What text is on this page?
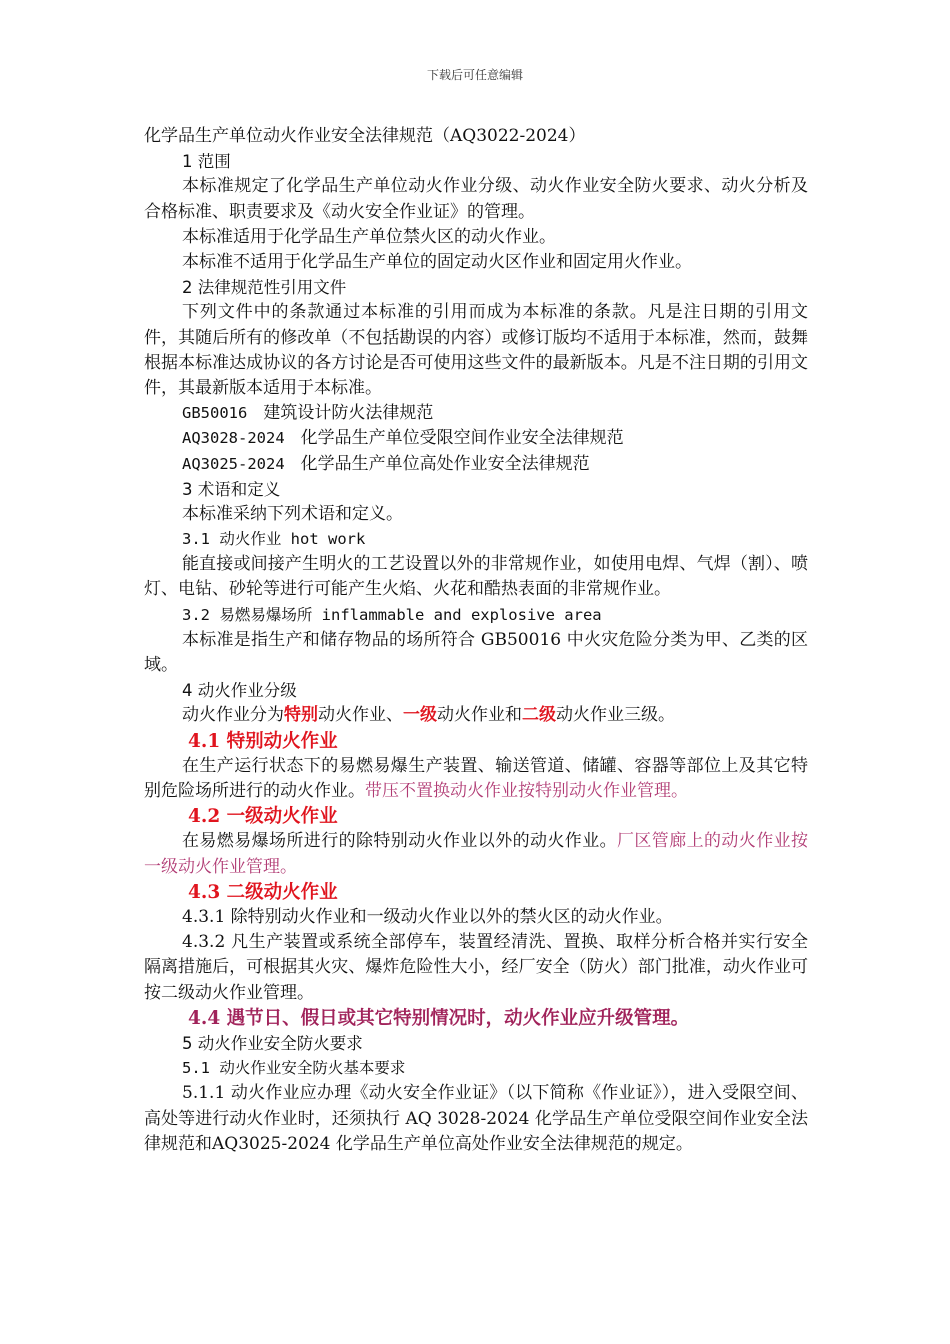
下载后可任意编辑
化学品生产单位动火作业安全法律规范（AQ3022-2024）
1 范围
本标准规定了化学品生产单位动火作业分级、动火作业安全防火要求、动火分析及合格标准、职责要求及《动火安全作业证》的管理。
本标准适用于化学品生产单位禁火区的动火作业。
本标准不适用于化学品生产单位的固定动火区作业和固定用火作业。
2 法律规范性引用文件
下列文件中的条款通过本标准的引用而成为本标准的条款。凡是注日期的引用文件，其随后所有的修改单（不包括勘误的内容）或修订版均不适用于本标准，然而，鼓舞根据本标准达成协议的各方讨论是否可使用这些文件的最新版本。凡是不注日期的引用文件，其最新版本适用于本标准。
GB50016 建筑设计防火法律规范
AQ3028-2024 化学品生产单位受限空间作业安全法律规范
AQ3025-2024 化学品生产单位高处作业安全法律规范
3 术语和定义
本标准采纳下列术语和定义。
3.1 动火作业 hot work
能直接或间接产生明火的工艺设置以外的非常规作业，如使用电焊、气焊（割）、喷灯、电钻、砂轮等进行可能产生火焰、火花和酷热表面的非常规作业。
3.2 易燃易爆场所 inflammable and explosive area
本标准是指生产和储存物品的场所符合 GB50016 中火灾危险分类为甲、乙类的区域。
4 动火作业分级
动火作业分为特别动火作业、一级动火作业和二级动火作业三级。
4.1 特别动火作业
在生产运行状态下的易燃易爆生产装置、输送管道、储罐、容器等部位上及其它特别危险场所进行的动火作业。带压不置换动火作业按特别动火作业管理。
4.2 一级动火作业
在易燃易爆场所进行的除特别动火作业以外的动火作业。厂区管廊上的动火作业按一级动火作业管理。
4.3 二级动火作业
4.3.1 除特别动火作业和一级动火作业以外的禁火区的动火作业。
4.3.2 凡生产装置或系统全部停车，装置经清洗、置换、取样分析合格并实行安全隔离措施后，可根据其火灾、爆炸危险性大小，经厂安全（防火）部门批准，动火作业可按二级动火作业管理。
4.4 遇节日、假日或其它特别情况时，动火作业应升级管理。
5 动火作业安全防火要求
5.1 动火作业安全防火基本要求
5.1.1 动火作业应办理《动火安全作业证》（以下简称《作业证》），进入受限空间、高处等进行动火作业时，还须执行 AQ 3028-2024 化学品生产单位受限空间作业安全法律规范和AQ3025-2024 化学品生产单位高处作业安全法律规范的规定。
